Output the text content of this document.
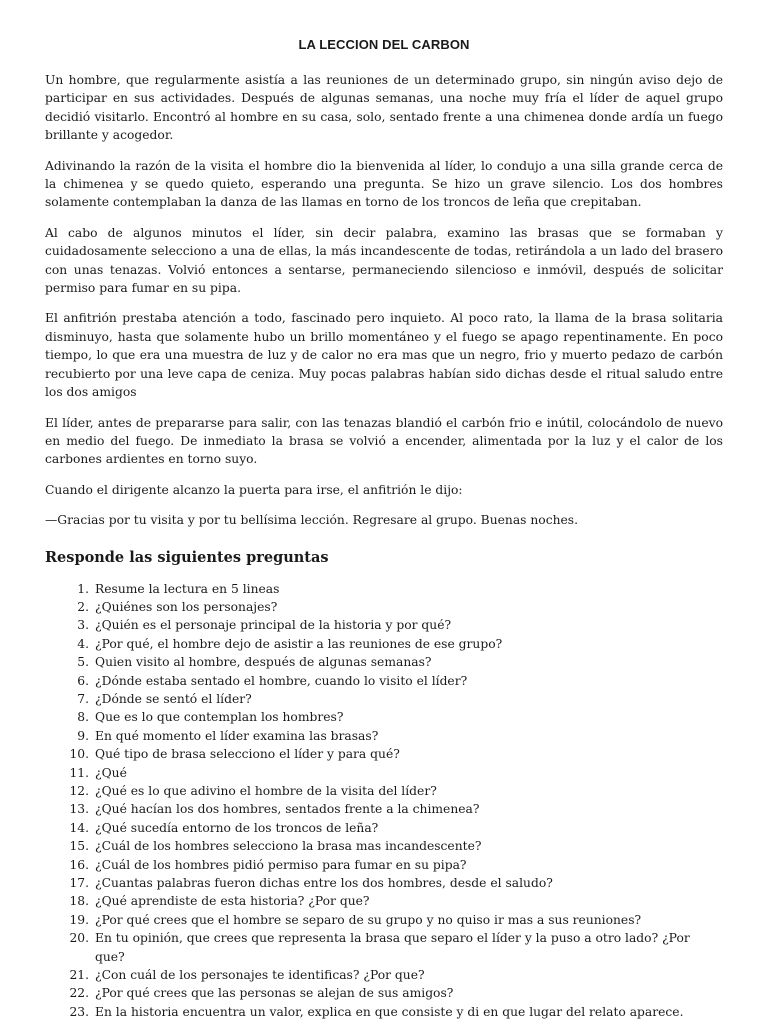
LA LECCION DEL CARBON

Un hombre, que regularmente asistía a las reuniones de un determinado grupo, sin ningún aviso dejo de participar en sus actividades. Después de algunas semanas, una noche muy fría el líder de aquel grupo decidió visitarlo. Encontró al hombre en su casa, solo, sentado frente a una chimenea donde ardía un fuego brillante y acogedor.

Adivinando la razón de la visita el hombre dio la bienvenida al líder, lo condujo a una silla grande cerca de la chimenea y se quedo quieto, esperando una pregunta. Se hizo un grave silencio. Los dos hombres solamente contemplaban la danza de las llamas en torno de los troncos de leña que crepitaban.

Al cabo de algunos minutos el líder, sin decir palabra, examino las brasas que se formaban y cuidadosamente selecciono a una de ellas, la más incandescente de todas, retirándola a un lado del brasero con unas tenazas. Volvió entonces a sentarse, permaneciendo silencioso e inmóvil, después de solicitar permiso para fumar en su pipa.

El anfitrión prestaba atención a todo, fascinado pero inquieto. Al poco rato, la llama de la brasa solitaria disminuyo, hasta que solamente hubo un brillo momentáneo y el fuego se apago repentinamente. En poco tiempo, lo que era una muestra de luz y de calor no era mas que un negro, frio y muerto pedazo de carbón recubierto por una leve capa de ceniza. Muy pocas palabras habían sido dichas desde el ritual saludo entre los dos amigos

El líder, antes de prepararse para salir, con las tenazas blandió el carbón frio e inútil, colocándolo de nuevo en medio del fuego. De inmediato la brasa se volvió a encender, alimentada por la luz y el calor de los carbones ardientes en torno suyo.

Cuando el dirigente alcanzo la puerta para irse, el anfitrión le dijo:

—Gracias por tu visita y por tu bellísima lección. Regresare al grupo. Buenas noches.

Responde las siguientes preguntas
1. Resume la lectura en 5 lineas
2. ¿Quiénes son los personajes?
3. ¿Quién es el personaje principal de la historia y por qué?
4. ¿Por qué, el hombre dejo de asistir a las reuniones de ese grupo?
5. Quien visito al hombre, después de algunas semanas?
6. ¿Dónde estaba sentado el hombre, cuando lo visito el líder?
7. ¿Dónde se sentó el líder?
8. Que es lo que contemplan los hombres?
9. En qué momento el líder examina las brasas?
10. Qué tipo de brasa selecciono el líder y para qué?
11. ¿Qué
12. ¿Qué es lo que adivino el hombre de la visita del líder?
13. ¿Qué hacían los dos hombres, sentados frente a la chimenea?
14. ¿Qué sucedía entorno de los troncos de leña?
15. ¿Cuál de los hombres selecciono la brasa mas incandescente?
16. ¿Cuál de los hombres pidió permiso para fumar en su pipa?
17. ¿Cuantas palabras fueron dichas entre los dos hombres, desde el saludo?
18. ¿Qué aprendiste de esta historia? ¿Por que?
19. ¿Por qué crees que el hombre se separo de su grupo y no quiso ir mas a sus reuniones?
20. En tu opinión, que crees que representa la brasa que separo el líder y la puso a otro lado? ¿Por que?
21. ¿Con cuál de los personajes te identificas? ¿Por que?
22. ¿Por qué crees que las personas se alejan de sus amigos?
23. En la historia encuentra un valor, explica en que consiste y di en que lugar del relato aparece.
